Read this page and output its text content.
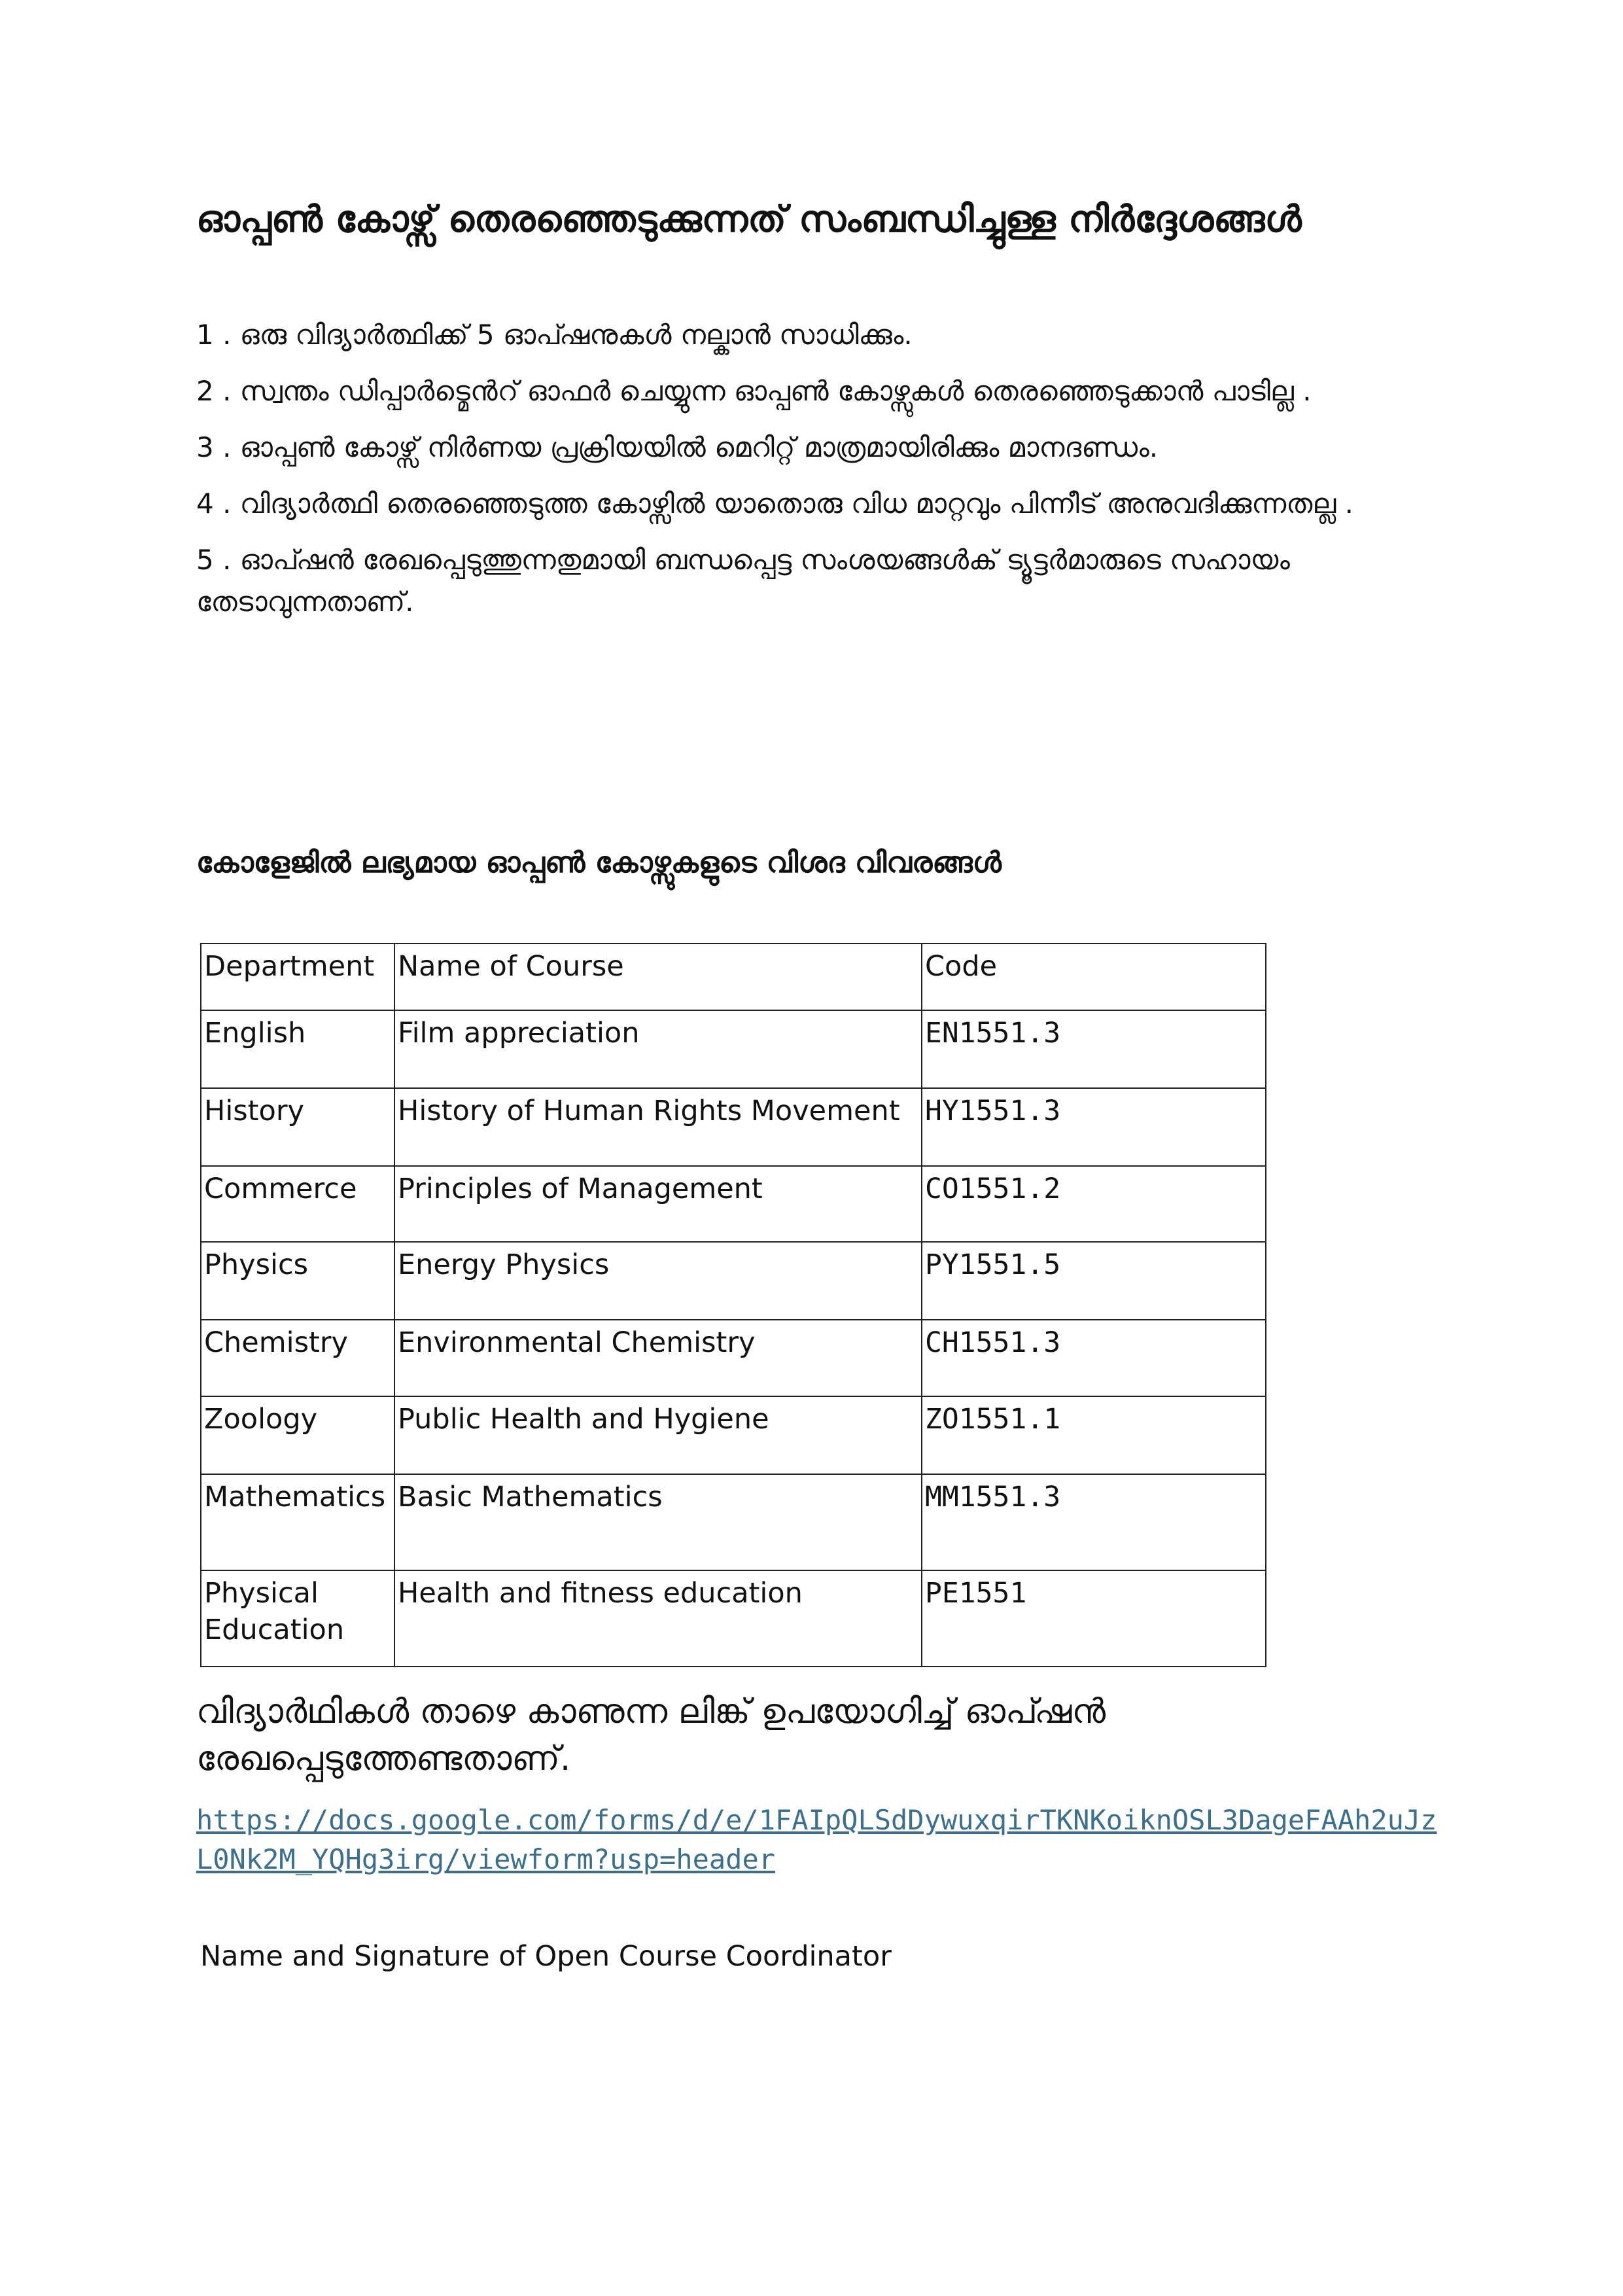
ഓപ്പൺ കോഴ്സ് തെരഞ്ഞെടുക്കുന്നത് സംബന്ധിച്ചുള്ള നിർദ്ദേശങ്ങൾ
1 . ഒരു വിദ്യാർത്ഥിക്ക് 5 ഓപ്ഷനുകൾ നല്കാൻ സാധിക്കും.
2 . സ്വന്തം ഡിപ്പാർട്മെൻറ് ഓഫർ ചെയ്യുന്ന ഓപ്പൺ കോഴ്സുകൾ തെരഞ്ഞെടുക്കാൻ പാടില്ല .
3 . ഓപ്പൺ കോഴ്സ് നിർണയ പ്രക്രിയയിൽ മെറിറ്റ് മാത്രമായിരിക്കും മാനദണ്ഡം.
4 . വിദ്യാർത്ഥി തെരഞ്ഞെടുത്ത കോഴ്സിൽ യാതൊരു വിധ മാറ്റവും പിന്നീട് അനുവദിക്കുന്നതല്ല .
5 . ഓപ്ഷൻ രേഖപ്പെടുത്തുന്നതുമായി ബന്ധപ്പെട്ട സംശയങ്ങൾക് ട്യൂട്ടർമാരുടെ സഹായം തേടാവുന്നതാണ്.
കോളേജിൽ ലഭ്യമായ ഓപ്പൺ കോഴ്സുകളുടെ വിശദ വിവരങ്ങൾ
Department	Name of Course	Code
English	Film appreciation	EN1551.3
History	History of Human Rights Movement	HY1551.3
Commerce	Principles of Management	CO1551.2
Physics	Energy Physics	PY1551.5
Chemistry	Environmental Chemistry	CH1551.3
Zoology	Public Health and Hygiene	ZO1551.1
Mathematics	Basic Mathematics	MM1551.3
Physical Education	Health and fitness education	PE1551

വിദ്യാർഥികൾ താഴെ കാണുന്ന ലിങ്ക് ഉപയോഗിച്ച് ഓപ്ഷൻ രേഖപ്പെടുത്തേണ്ടതാണ്.

https://docs.google.com/forms/d/e/1FAIpQLSdDywuxqirTKNKoiknOSL3DageFAAh2uJzL0Nk2M_YQHg3irg/viewform?usp=header

Name and Signature of Open Course Coordinator
